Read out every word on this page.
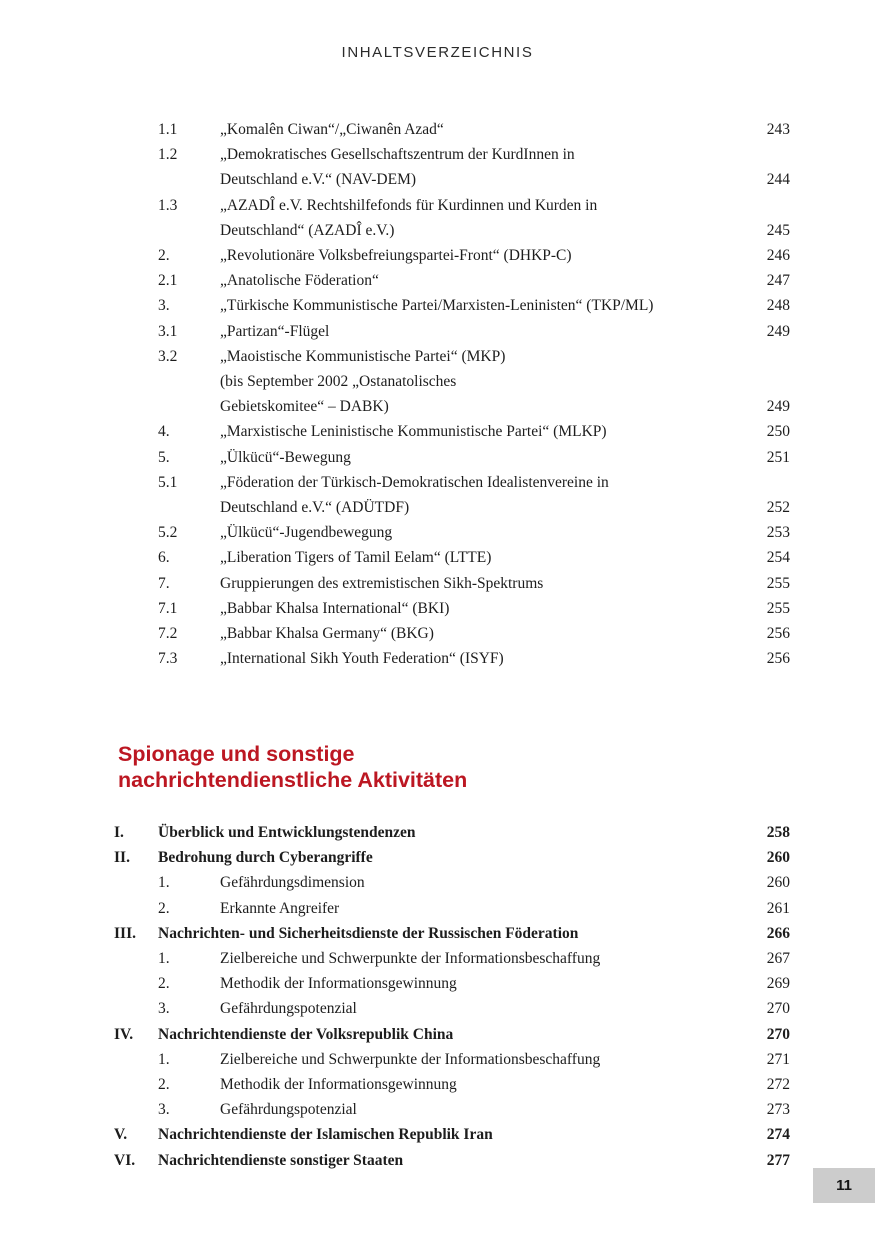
INHALTSVERZEICHNIS
1.1	„Komalên Ciwan“/„Ciwanên Azad“	243
1.2	„Demokratisches Gesellschaftszentrum der KurdInnen in
Deutschland e.V.“ (NAV-DEM)	244
1.3	„AZADÎ e.V. Rechtshilfefonds für Kurdinnen und Kurden in
Deutschland“ (AZADÎ e.V.)	245
2.	„Revolutionäre Volksbefreiungspartei-Front“ (DHKP-C)	246
2.1	„Anatolische Föderation“	247
3.	„Türkische Kommunistische Partei/Marxisten-Leninisten“ (TKP/ML)	248
3.1	„Partizan“-Flügel	249
3.2	„Maoistische Kommunistische Partei“ (MKP)
(bis September 2002 „Ostanatolisches
Gebietskomitee“ – DABK)	249
4.	„Marxistische Leninistische Kommunistische Partei“ (MLKP)	250
5.	„Ülkücü“-Bewegung	251
5.1	„Föderation der Türkisch-Demokratischen Idealistenvereine in
Deutschland e.V.“ (ADÜTDF)	252
5.2	„Ülkücü“-Jugendbewegung	253
6.	„Liberation Tigers of Tamil Eelam“ (LTTE)	254
7.	Gruppierungen des extremistischen Sikh-Spektrums	255
7.1	„Babbar Khalsa International“ (BKI)	255
7.2	„Babbar Khalsa Germany“ (BKG)	256
7.3	„International Sikh Youth Federation“ (ISYF)	256
Spionage und sonstige
nachrichtendienstliche Aktivitäten
I.	Überblick und Entwicklungstendenzen	258
II.	Bedrohung durch Cyberangriffe	260
1.	Gefährdungsdimension	260
2.	Erkannte Angreifer	261
III.	Nachrichten- und Sicherheitsdienste der Russischen Föderation	266
1.	Zielbereiche und Schwerpunkte der Informationsbeschaffung	267
2.	Methodik der Informationsgewinnung	269
3.	Gefährdungspotenzial	270
IV.	Nachrichtendienste der Volksrepublik China	270
1.	Zielbereiche und Schwerpunkte der Informationsbeschaffung	271
2.	Methodik der Informationsgewinnung	272
3.	Gefährdungspotenzial	273
V.	Nachrichtendienste der Islamischen Republik Iran	274
VI.	Nachrichtendienste sonstiger Staaten	277
11
